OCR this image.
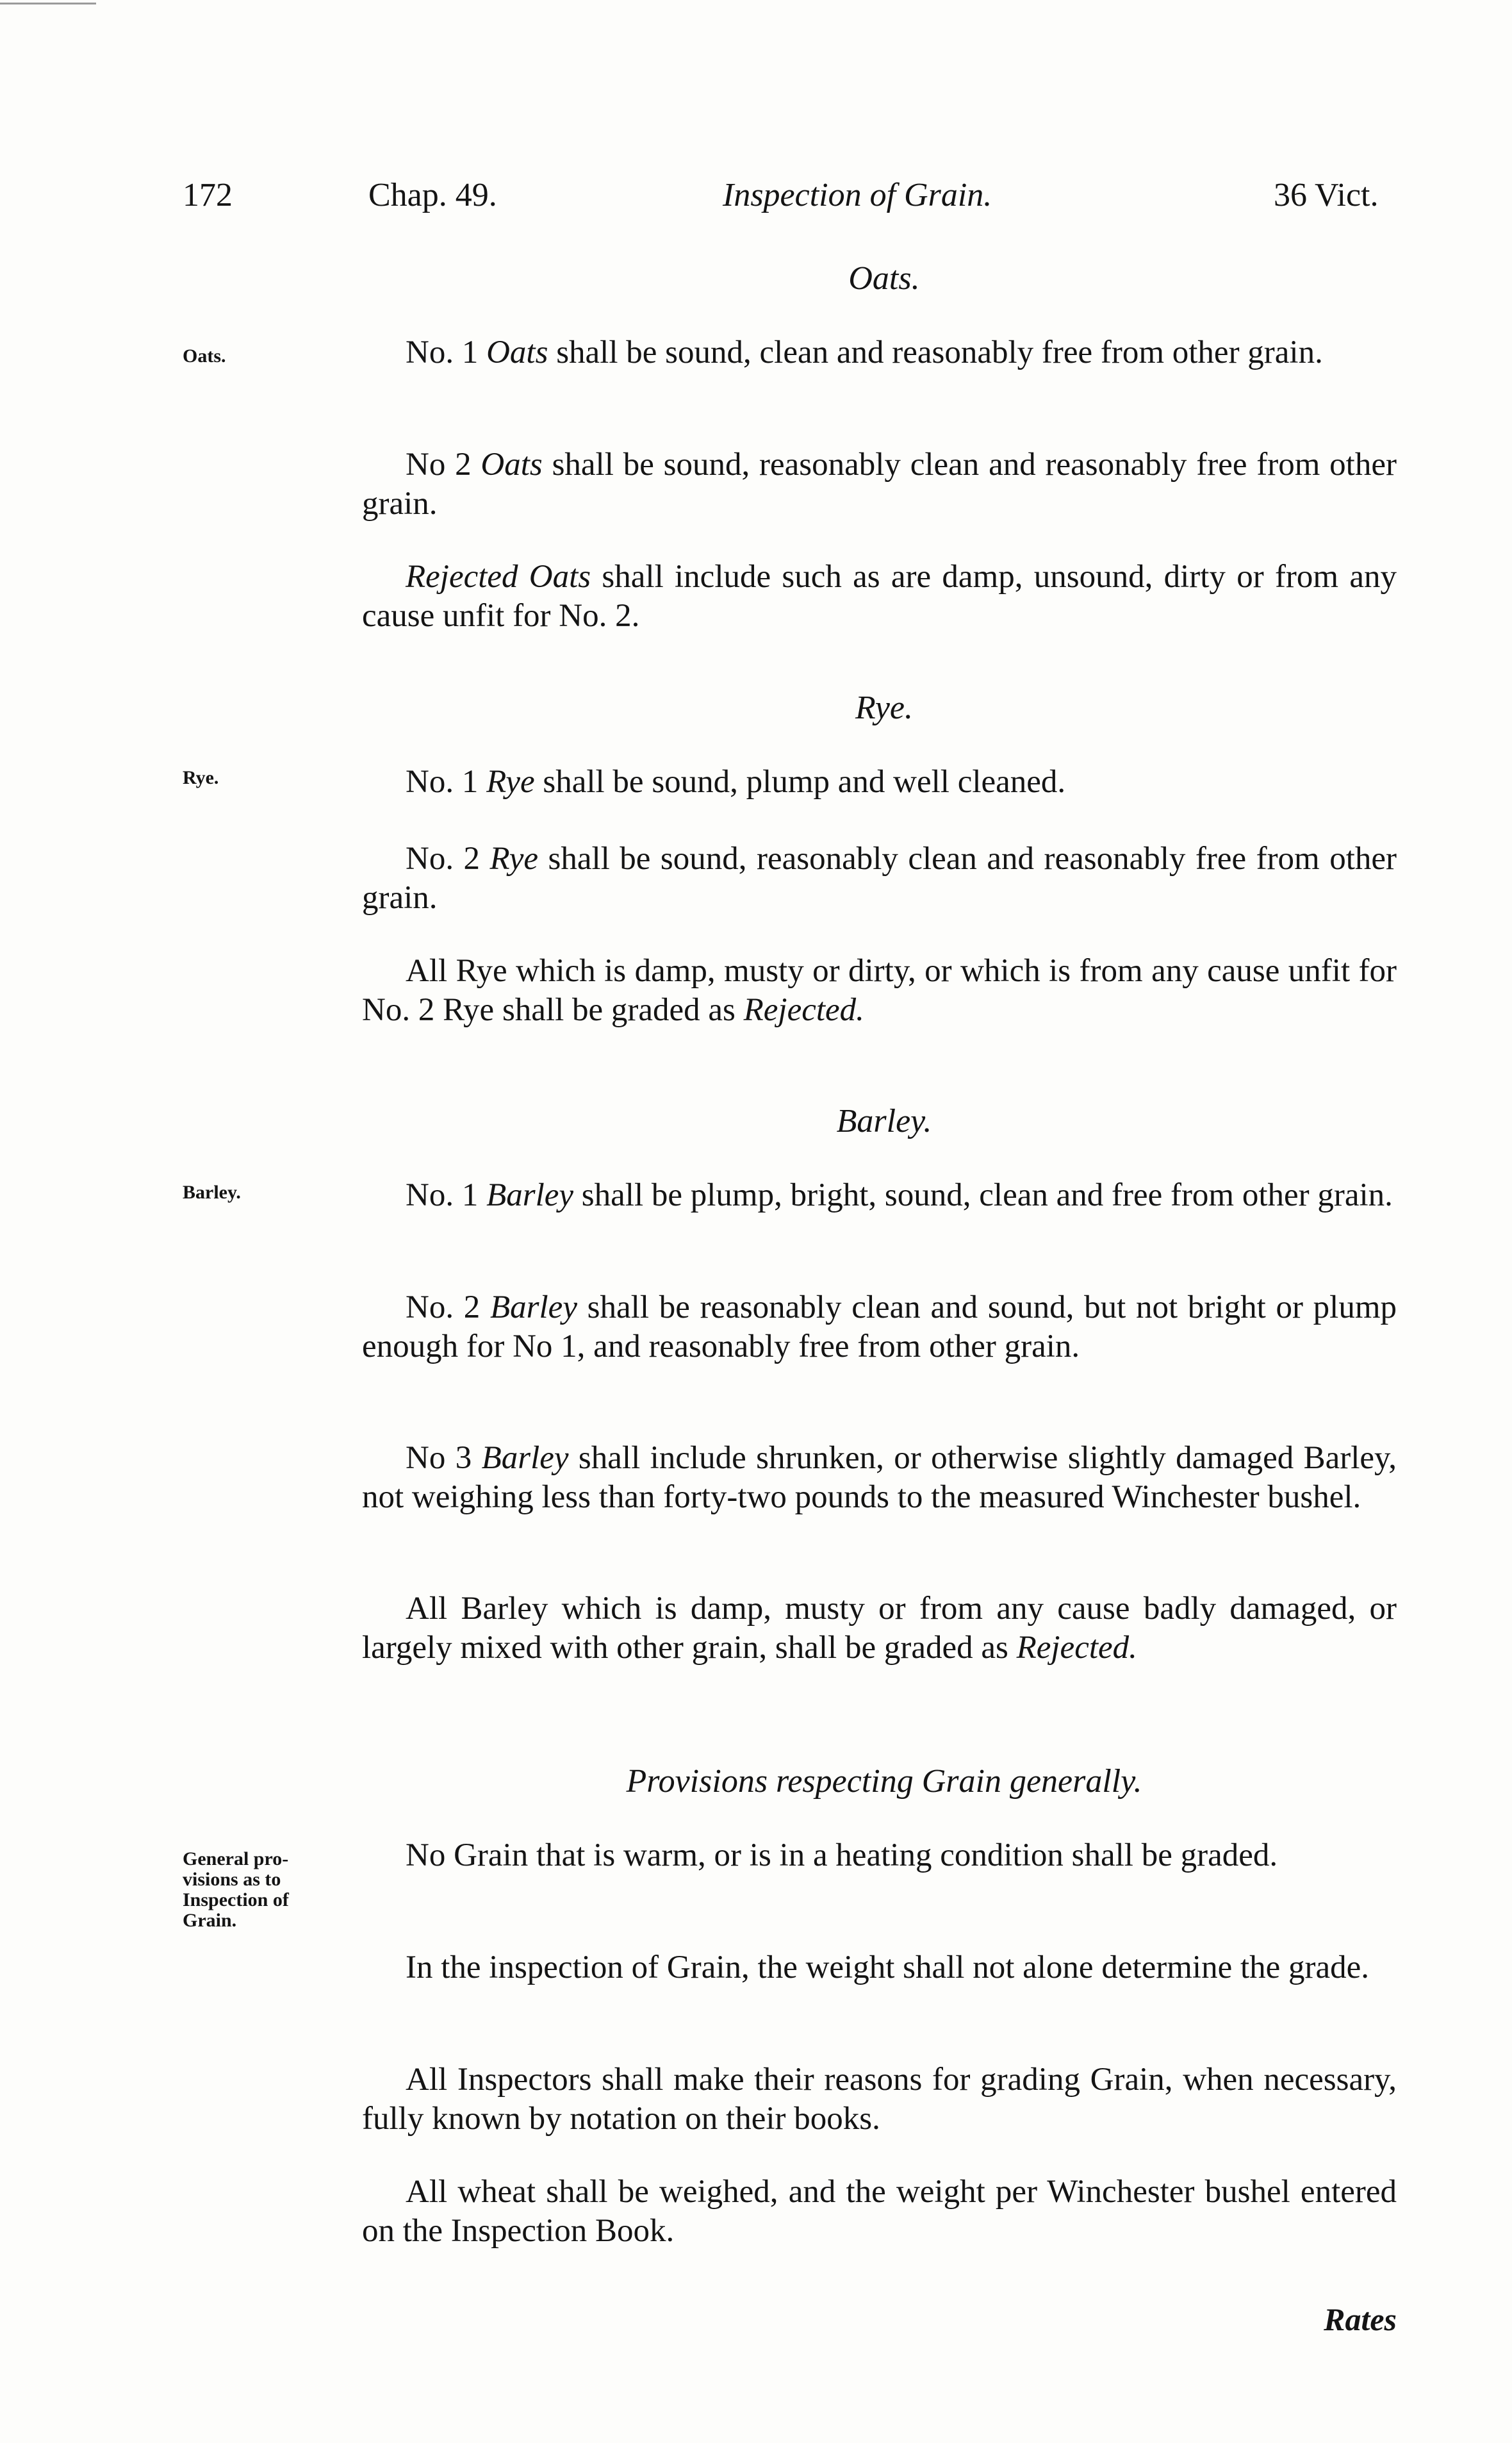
172	Chap. 49.	Inspection of Grain.	36 Vict.
Oats.
Oats.	No. 1 Oats shall be sound, clean and reasonably free from other grain.
No 2 Oats shall be sound, reasonably clean and reasonably free from other grain.
Rejected Oats shall include such as are damp, unsound, dirty or from any cause unfit for No. 2.
Rye.
Rye.	No. 1 Rye shall be sound, plump and well cleaned.
No. 2 Rye shall be sound, reasonably clean and reasonably free from other grain.
All Rye which is damp, musty or dirty, or which is from any cause unfit for No. 2 Rye shall be graded as Rejected.
Barley.
Barley.	No. 1 Barley shall be plump, bright, sound, clean and free from other grain.
No. 2 Barley shall be reasonably clean and sound, but not bright or plump enough for No 1, and reasonably free from other grain.
No 3 Barley shall include shrunken, or otherwise slightly damaged Barley, not weighing less than forty-two pounds to the measured Winchester bushel.
All Barley which is damp, musty or from any cause badly damaged, or largely mixed with other grain, shall be graded as Rejected.
Provisions respecting Grain generally.
General pro-
visions as to
Inspection of
Grain.
No Grain that is warm, or is in a heating condition shall be graded.
In the inspection of Grain, the weight shall not alone determine the grade.
All Inspectors shall make their reasons for grading Grain, when necessary, fully known by notation on their books.
All wheat shall be weighed, and the weight per Winchester bushel entered on the Inspection Book.
Rates
